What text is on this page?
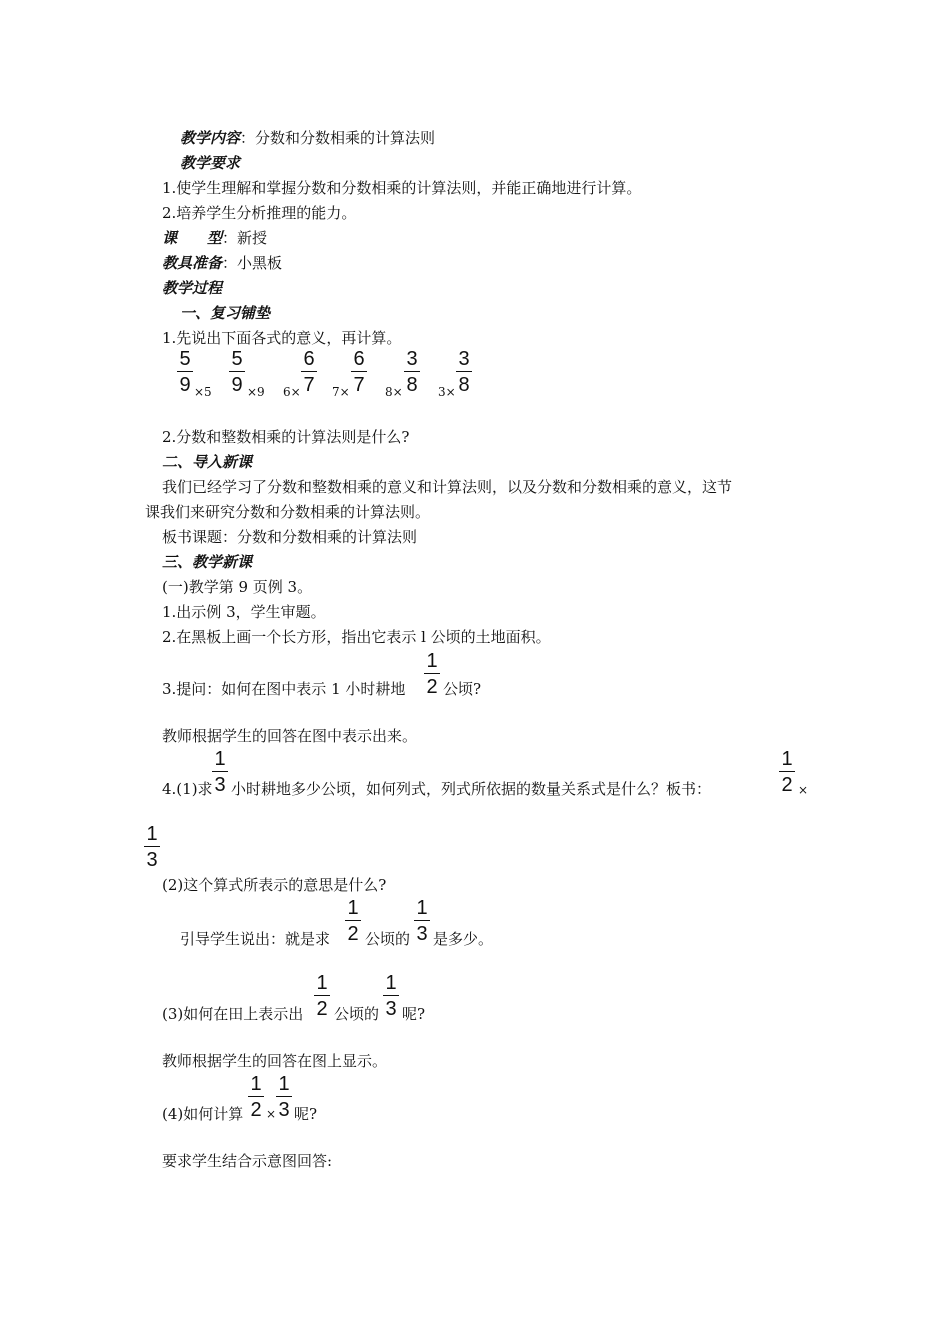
教学内容：分数和分数相乘的计算法则
教学要求
1.使学生理解和掌握分数和分数相乘的计算法则，并能正确地进行计算。
2.培养学生分析推理的能力。
课　　型：新授
教具准备：小黑板
教学过程
一、复习铺垫
1.先说出下面各式的意义，再计算。
5
9 ×5
5
9 ×9 6×
6
7 7×
6
7 8×
3
8 3×
3
8
2.分数和整数相乘的计算法则是什么?
二、导入新课
我们已经学习了分数和整数相乘的意义和计算法则，以及分数和分数相乘的意义，这节
课我们来研究分数和分数相乘的计算法则。
板书课题：分数和分数相乘的计算法则
三、教学新课
(一)教学第 9 页例 3。
1.出示例 3，学生审题。
2.在黑板上画一个长方形，指出它表示 l 公顷的土地面积。
3.提问：如何在图中表示 1 小时耕地
1
2 公顷?
教师根据学生的回答在图中表示出来。
4.(1)求
1
3 小时耕地多少公顷，如何列式，列式所依据的数量关系式是什么？板书：
1
2 ×
1
3
(2)这个算式所表示的意思是什么?
引导学生说出：就是求
1
2 公顷的
1
3 是多少。
(3)如何在田上表示出
1
2 公顷的
1
3 呢?
教师根据学生的回答在图上显示。
(4)如何计算
1
2 ×
1
3 呢?
要求学生结合示意图回答:
